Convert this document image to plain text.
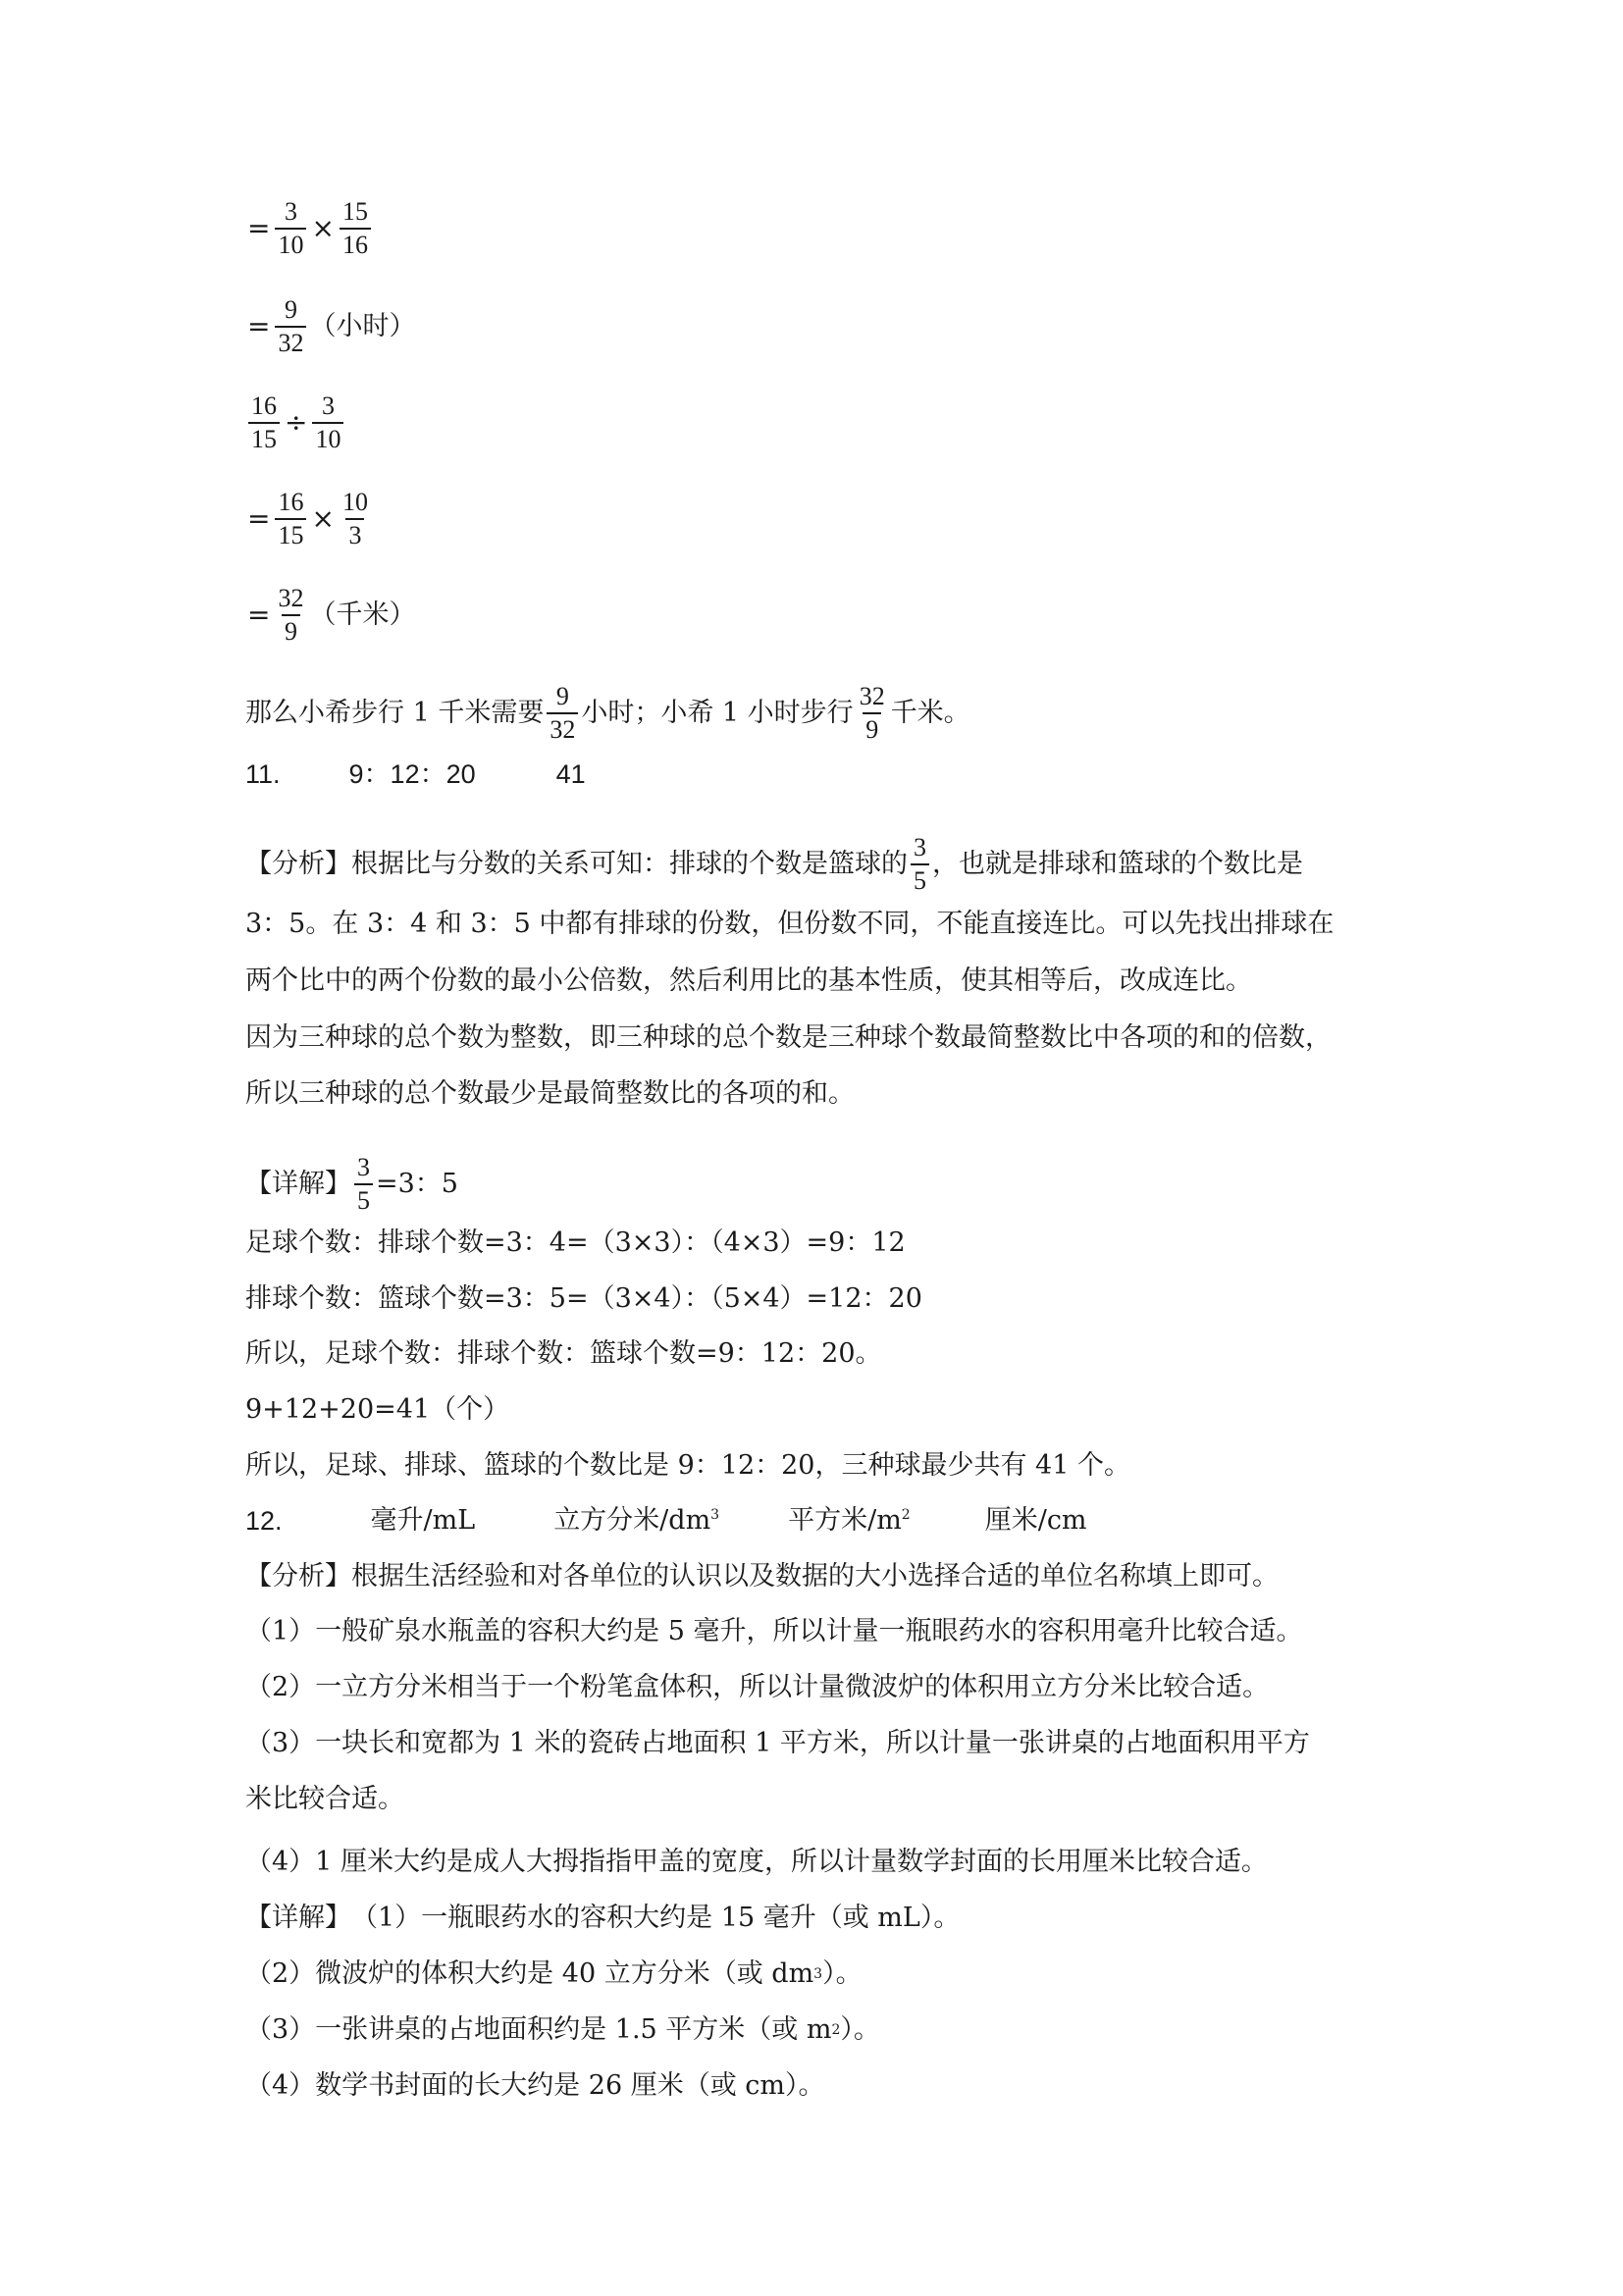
= $\frac{3}{10} \times \frac{15}{16}$
= $\frac{9}{32}$ （小时）
$\frac{16}{15} \div \frac{3}{10}$
= $\frac{16}{15} \times \frac{10}{3}$
= $\frac{32}{9}$ （千米）
那么小希步行 1 千米需要 $\frac{9}{32}$ 小时；小希 1 小时步行 $\frac{32}{9}$ 千米。
11.	9：12：20	41
【分析】 根据比与分数的关系可知：排球的个数是篮球的 $\frac{3}{5}$ ，也就是排球和篮球的个数比是
3：5。在 3：4 和 3：5 中都有排球的份数，但份数不同，不能直接连比。可以先找出排球在
两个比中的两个份数的最小公倍数，然后利用比的基本性质，使其相等后，改成连比。
因为三种球的总个数为整数，即三种球的总个数是三种球个数最简整数比中各项的和的倍数，
所以三种球的总个数最少是最简整数比的各项的和。
【详解】 $\frac{3}{5} =3$：5
足球个数：排球个数=3：4=（3×3）：（4×3）=9：12
排球个数：篮球个数=3：5=（3×4）：（5×4）=12：20
所以，足球个数：排球个数：篮球个数=9：12：20。
9+12+20=41（个）
所以，足球、排球、篮球的个数比是 9：12：20，三种球最少共有 41 个。
12.	毫升/mL	立方分米$/dm^3$	平方米$/m^2$	厘米/cm
【分析】 根据生活经验和对各单位的认识以及数据的大小选择合适的单位名称填上即可。
（1）一般矿泉水瓶盖的容积大约是 5 毫升，所以计量一瓶眼药水的容积用毫升比较合适。
（2）一立方分米相当于一个粉笔盒体积，所以计量微波炉的体积用立方分米比较合适。
（3）一块长和宽都为 1 米的瓷砖占地面积 1 平方米，所以计量一张讲桌的占地面积用平方
米比较合适。
（4）1 厘米大约是成人大拇指指甲盖的宽度，所以计量数学封面的长用厘米比较合适。
【详解】 （1）一瓶眼药水的容积大约是 15 毫升（或 mL）。
（2）微波炉的体积大约是 40 立方分米（或 dm 3 ）。
（3）一张讲桌的占地面积约是 1.5 平方米（或 m 2 ）。
（4）数学书封面的长大约是 26 厘米（或 cm）。
